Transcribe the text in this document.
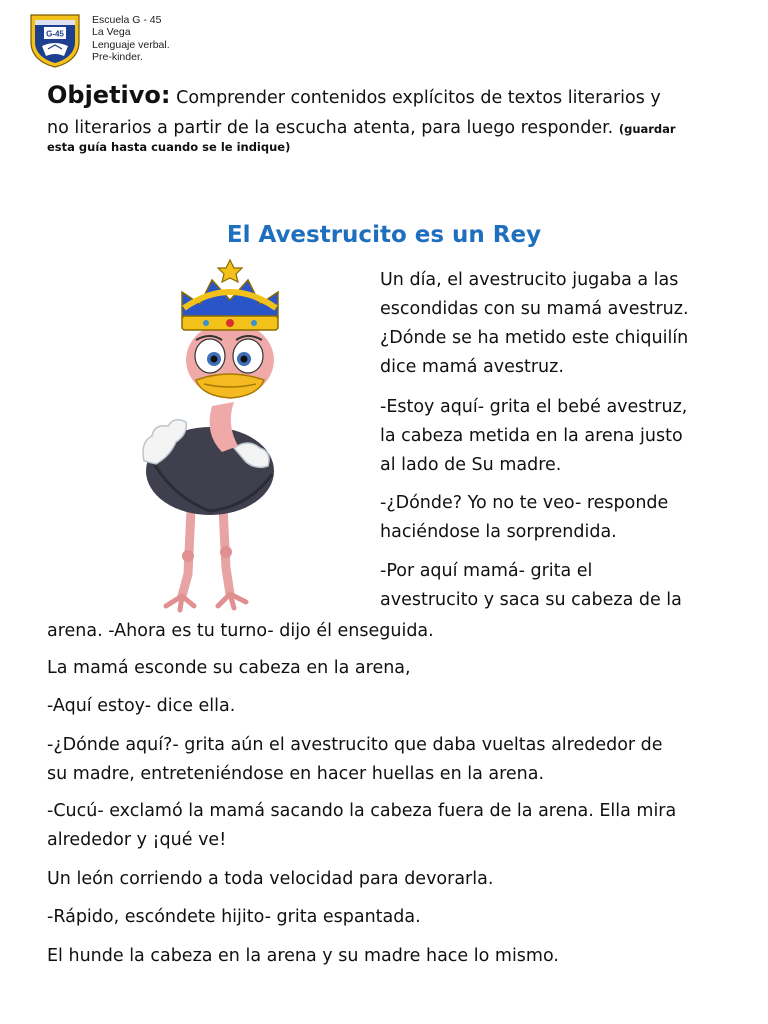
G-45
Escuela G - 45
La Vega
Lenguaje verbal.
Pre-kinder.
Objetivo: Comprender contenidos explícitos de textos literarios y
no literarios a partir de la escucha atenta, para luego responder. (guardar
esta guía hasta cuando se le indique)
El Avestrucito es un Rey
Un día, el avestrucito jugaba a las
escondidas con su mamá avestruz.
¿Dónde se ha metido este chiquilín
dice mamá avestruz.
-Estoy aquí- grita el bebé avestruz,
la cabeza metida en la arena justo
al lado de Su madre.
-¿Dónde? Yo no te veo- responde
haciéndose la sorprendida.
-Por aquí mamá- grita el
avestrucito y saca su cabeza de la
arena. -Ahora es tu turno- dijo él enseguida.
La mamá esconde su cabeza en la arena,
-Aquí estoy- dice ella.
-¿Dónde aquí?- grita aún el avestrucito que daba vueltas alrededor de
su madre, entreteniéndose en hacer huellas en la arena.
-Cucú- exclamó la mamá sacando la cabeza fuera de la arena. Ella mira
alrededor y ¡qué ve!
Un león corriendo a toda velocidad para devorarla.
-Rápido, escóndete hijito- grita espantada.
El hunde la cabeza en la arena y su madre hace lo mismo.
